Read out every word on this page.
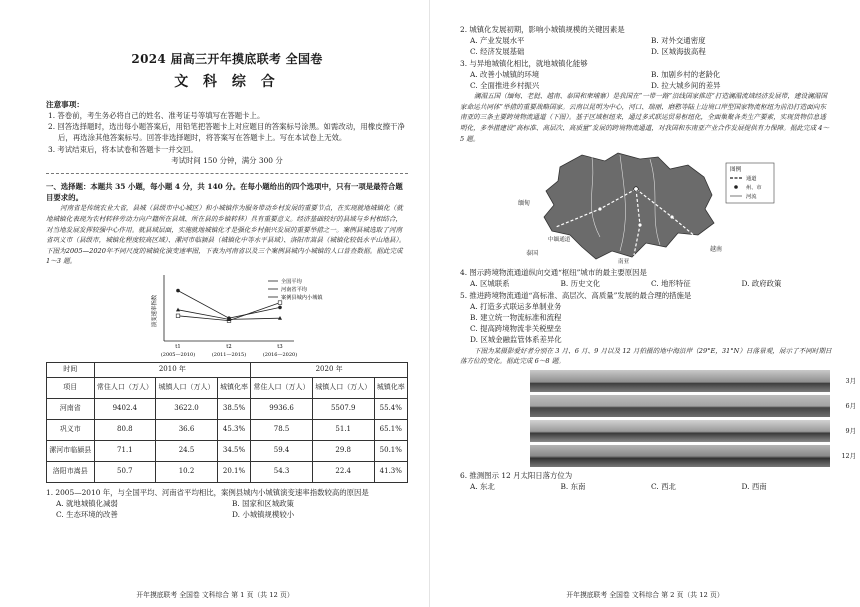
2024 届高三开年摸底联考 全国卷

文 科 综 合

注意事项：

1. 答卷前，考生务必将自己的姓名、准考证号等填写在答题卡上。

2. 回答选择题时，选出每小题答案后，用铅笔把答题卡上对应题目的答案标号涂黑。如需改动，用橡皮擦干净后，再选涂其他答案标号。回答非选择题时，将答案写在答题卡上。写在本试卷上无效。

3. 考试结束后，将本试卷和答题卡一并交回。

考试时间 150 分钟，满分 300 分

一、选择题：本题共 35 小题，每小题 4 分，共 140 分。在每小题给出的四个选项中，只有一项是最符合题目要求的。

河南省是传统农业大省，县城（县级市中心城区）和小城镇作为服务带动乡村发展的重要节点，在实现就地城镇化（就地城镇化表现为农村转移劳动力向户籍所在县域、所在县的乡镇转移）具有重要意义。经济基础较好的县域与乡村相结合，对当地发展发挥较强中心作用。就县域层面，实施就地城镇化才是强化乡村振兴发展的重要举措之一。案例县城选取了河南省巩义市（县级市，城镇化程度较高区域）、漯河市临颍县（城镇化中等水平县域）、洛阳市嵩县（城镇化较低水平山地县）。下图为2005—2020年不同尺度的城镇化演变速率图，下表为河南省以及三个案例县城内小城镇的人口普查数据。据此完成 1～3 题。

演变速率指数
t1
(2005—2010)
t2
(2011—2015)
t3
(2016—2020)
全国平均
河南省平均
案例县城内小城镇
时间	2010 年			2020 年		
项目	常住人口（万人）	城镇人口（万人）	城镇化率	常住人口（万人）	城镇人口（万人）	城镇化率
河南省	9402.4	3622.0	38.5%	9936.6	5507.9	55.4%
巩义市	80.8	36.6	45.3%	78.5	51.1	65.1%
漯河市临颍县	71.1	24.5	34.5%	59.4	29.8	50.1%
洛阳市嵩县	50.7	10.2	20.1%	54.3	22.4	41.3%

1. 2005—2010 年，与全国平均、河南省平均相比，案例县城内小城镇演变速率指数较高的原因是

A. 就地城镇化减弱	B. 国家和区城政策
C. 生态环境的改善	D. 小城镇规模较小

开年摸底联考 全国卷 文科综合 第 1 页（共 12 页）

2. 城镇化发展初期，影响小城镇规模的关键因素是

A. 产业发展水平	B. 对外交通密度
C. 经济发展基础	D. 区城海拔高程

3. 与异地城镇化相比，就地城镇化能够

A. 改善小城镇的环境	B. 加剧乡村的老龄化
C. 全面推进乡村振兴	D. 拉大城乡间的差异

澜湄五国（缅甸、老挝、越南、泰国和柬埔寨）是我国在“一带一路”沿线国家推进“打造澜湄流域经济发展带，建设澜湄国家命运共同体”举措的重要战略国家。云南以昆明为中心，河口、瑞丽、磨憨等陆上边境口岸型国家物流枢纽为前沿打造面向东南亚的三条主要跨境物流通道（下图）。基于区域枢纽来，通过多式联运贸易枢纽化，全面集聚各类生产要素，实现货物信息透明化，多举措建设“高标准、高层次、高质量”发展的跨境物流通道，对我国和东南亚产业合作发展提供有力保障。据此完成 4～5 题。

缅甸
泰国
中缅通道
南亚
越南
图例
通道
州、市
河流

4. 图示跨境物流通道纵向交通“枢纽”城市的最主要原因是

A. 区城联系	B. 历史文化	C. 地形特征	D. 政府政策

5. 推进跨境物流通道“高标准、高层次、高质量”发展的最合理的措施是

A. 打造多式联运多单制业务

B. 建立统一物流标准和流程

C. 提高跨境物流非关税壁垒

D. 区城金融监管体系差异化

下图为某摄影爱好者分别在 3 月、6 月、9 月以及 12 月拍摄的地中海沿岸（29°E，31°N）日落景观，展示了不同时期日落方位的变化。据此完成 6～8 题。

3月
6月
9月
12月

6. 推测图示 12 月太阳日落方位为

A. 东北	B. 东南	C. 西北	D. 西南

开年摸底联考 全国卷 文科综合 第 2 页（共 12 页）
